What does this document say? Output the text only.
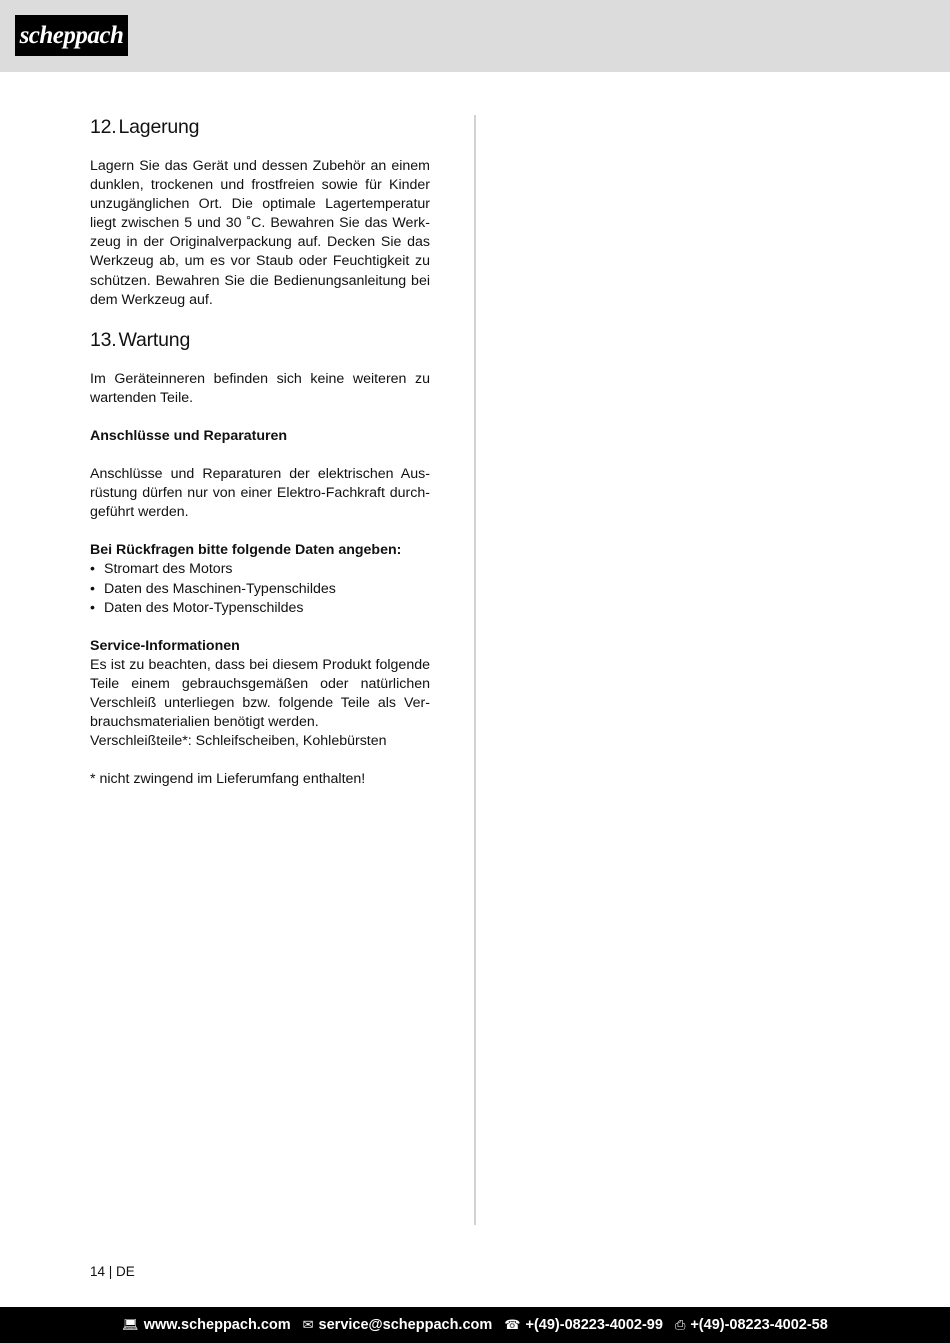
scheppach
12. Lagerung

Lagern Sie das Gerät und dessen Zubehör an einem dunklen, trockenen und frostfreien sowie für Kinder unzugänglichen Ort. Die optimale Lagertemperatur liegt zwischen 5 und 30 ˚C. Bewahren Sie das Werkzeug in der Originalverpackung auf. Decken Sie das Werkzeug ab, um es vor Staub oder Feuchtigkeit zu schützen. Bewahren Sie die Bedienungsanleitung bei dem Werkzeug auf.

13. Wartung

Im Geräteinneren befinden sich keine weiteren zu wartenden Teile.

Anschlüsse und Reparaturen

Anschlüsse und Reparaturen der elektrischen Ausrüstung dürfen nur von einer Elektro-Fachkraft durchgeführt werden.

Bei Rückfragen bitte folgende Daten angeben:

• Stromart des Motors
• Daten des Maschinen-Typenschildes
• Daten des Motor-Typenschildes

Service-Informationen

Es ist zu beachten, dass bei diesem Produkt folgende Teile einem gebrauchsgemäßen oder natürlichen Verschleiß unterliegen bzw. folgende Teile als Verbrauchsmaterialien benötigt werden.

Verschleißteile*: Schleifscheiben, Kohlebürsten

* nicht zwingend im Lieferumfang enthalten!

14 | DE
💻︎ www.scheppach.com ✉︎ service@scheppach.com ☎︎ +(49)-08223-4002-99 ⎙ +(49)-08223-4002-58
